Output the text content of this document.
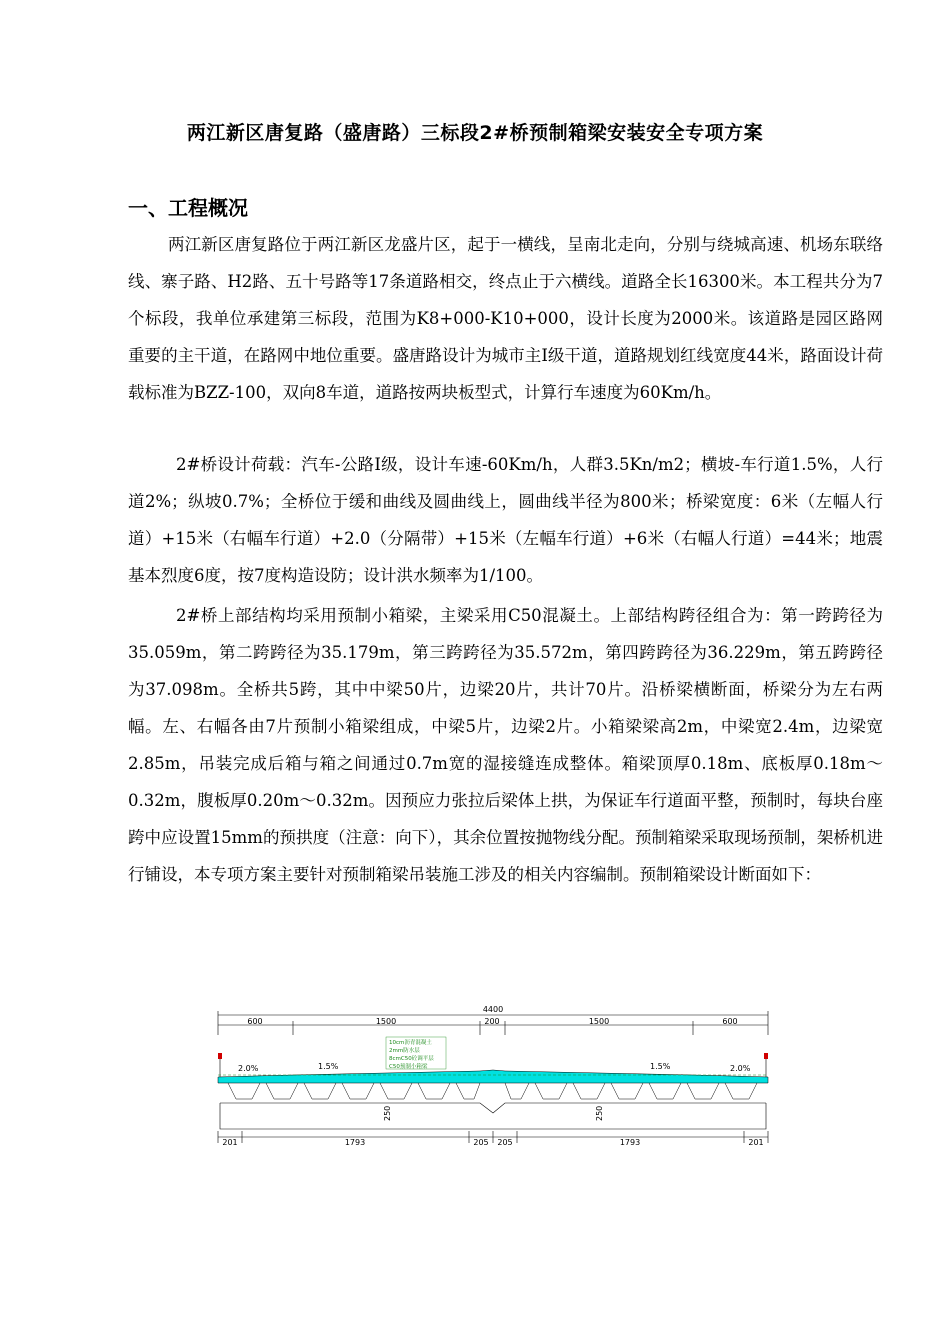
两江新区唐复路（盛唐路）三标段2#桥预制箱梁安装安全专项方案
一、工程概况

两江新区唐复路位于两江新区龙盛片区，起于一横线，呈南北走向，分别与绕城高速、机场东联络线、寨子路、H2路、五十号路等17条道路相交，终点止于六横线。道路全长16300米。本工程共分为7个标段，我单位承建第三标段，范围为K8+000-K10+000，设计长度为2000米。该道路是园区路网重要的主干道，在路网中地位重要。盛唐路设计为城市主Ⅰ级干道，道路规划红线宽度44米，路面设计荷载标准为BZZ-100，双向8车道，道路按两块板型式，计算行车速度为60Km/h。

2#桥设计荷载：汽车-公路Ⅰ级，设计车速-60Km/h，人群3.5Kn/m2；横坡-车行道1.5%，人行道2%；纵坡0.7%；全桥位于缓和曲线及圆曲线上，圆曲线半径为800米；桥梁宽度：6米（左幅人行道）+15米（右幅车行道）+2.0（分隔带）+15米（左幅车行道）+6米（右幅人行道）=44米；地震基本烈度6度，按7度构造设防；设计洪水频率为1/100。

2#桥上部结构均采用预制小箱梁，主梁采用C50混凝土。上部结构跨径组合为：第一跨跨径为35.059m，第二跨跨径为35.179m，第三跨跨径为35.572m，第四跨跨径为36.229m，第五跨跨径为37.098m。全桥共5跨，其中中梁50片，边梁20片，共计70片。沿桥梁横断面，桥梁分为左右两幅。左、右幅各由7片预制小箱梁组成，中梁5片，边梁2片。小箱梁梁高2m，中梁宽2.4m，边梁宽2.85m，吊装完成后箱与箱之间通过0.7m宽的湿接缝连成整体。箱梁顶厚0.18m、底板厚0.18m～0.32m，腹板厚0.20m～0.32m。因预应力张拉后梁体上拱，为保证车行道面平整，预制时，每块台座跨中应设置15mm的预拱度（注意：向下），其余位置按抛物线分配。预制箱梁采取现场预制，架桥机进行铺设，本专项方案主要针对预制箱梁吊装施工涉及的相关内容编制。预制箱梁设计断面如下：

4400
600	1500	200	1500	600
10cm沥青混凝土
2mm防水层
8cmC50砼调平层
C50预制小箱梁
2.0%	1.5%	1.5%	2.0%
250	250
201	1793	205 205	1793	201
